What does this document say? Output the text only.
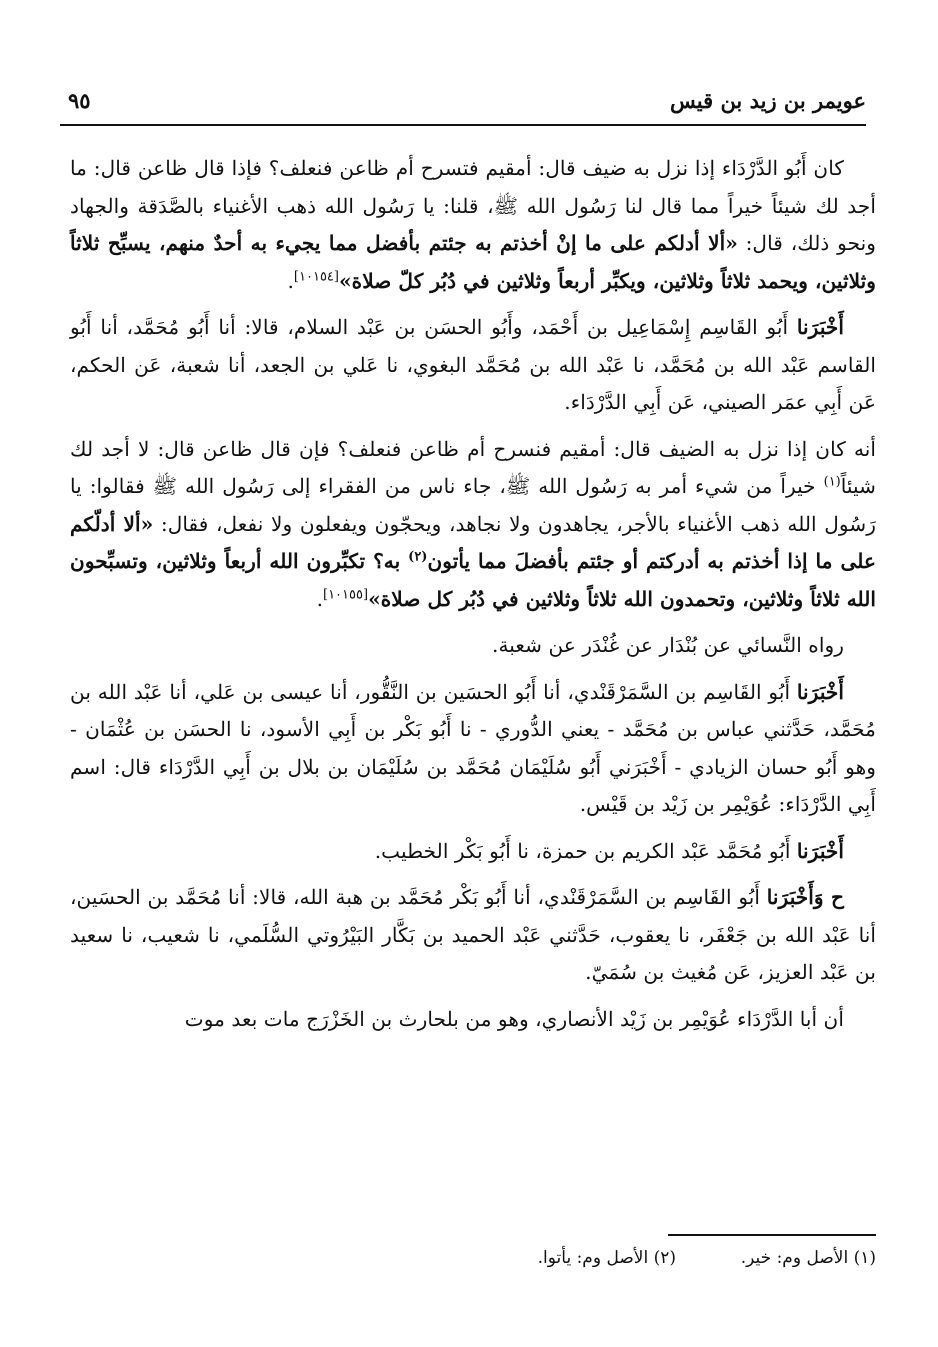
عويمر بن زيد بن قيس
٩٥

كان أَبُو الدَّرْدَاء إذا نزل به ضيف قال: أمقيم فتسرح أم ظاعن فنعلف؟ فإذا قال ظاعن قال: ما أجد لك شيئاً خيراً مما قال لنا رَسُول الله ﷺ، قلنا: يا رَسُول الله ذهب الأغنياء بالصَّدَقة والجهاد ونحو ذلك، قال: «ألا أدلكم على ما إنْ أخذتم به جئتم بأفضل مما يجيء به أحدٌ منهم، يسبِّح ثلاثاً وثلاثين، ويحمد ثلاثاً وثلاثين، ويكبِّر أربعاً وثلاثين في دُبُر كلّ صلاة»[١٠١٥٤].

أَخْبَرَنا أَبُو القَاسِم إِسْمَاعِيل بن أَحْمَد، وأَبُو الحسَن بن عَبْد السلام، قالا: أنا أَبُو مُحَمَّد، أنا أَبُو القاسم عَبْد الله بن مُحَمَّد، نا عَبْد الله بن مُحَمَّد البغوي، نا عَلي بن الجعد، أنا شعبة، عَن الحكم، عَن أَبِي عمَر الصيني، عَن أَبِي الدَّرْدَاء.

أنه كان إذا نزل به الضيف قال: أمقيم فنسرح أم ظاعن فنعلف؟ فإن قال ظاعن قال: لا أجد لك شيئاً$^{(١)}$ خيراً من شيء أمر به رَسُول الله ﷺ، جاء ناس من الفقراء إلى رَسُول الله ﷺ فقالوا: يا رَسُول الله ذهب الأغنياء بالأجر، يجاهدون ولا نجاهد، ويحجّون ويفعلون ولا نفعل، فقال: «ألا أدلّكم على ما إذا أخذتم به أدركتم أو جئتم بأفضلَ مما يأتون$^{(٢)}$ به؟ تكبِّرون الله أربعاً وثلاثين، وتسبِّحون الله ثلاثاً وثلاثين، وتحمدون الله ثلاثاً وثلاثين في دُبُر كل صلاة»[١٠١٥٥].

رواه النَّسائي عن بُنْدَار عن غُنْدَر عن شعبة.

أَخْبَرَنا أَبُو القَاسِم بن السَّمَرْقَنْدي، أنا أَبُو الحسَين بن النَّقُّور، أنا عيسى بن عَلي، أنا عَبْد الله بن مُحَمَّد، حَدَّثني عباس بن مُحَمَّد - يعني الدُّوري - نا أَبُو بَكْر بن أَبِي الأسود، نا الحسَن بن عُثْمَان - وهو أَبُو حسان الزيادي - أَخْبَرَني أَبُو سُلَيْمَان مُحَمَّد بن سُلَيْمَان بن بلال بن أَبِي الدَّرْدَاء قال: اسم أَبِي الدَّرْدَاء: عُوَيْمِر بن زَيْد بن قَيْس.

أَخْبَرَنا أَبُو مُحَمَّد عَبْد الكريم بن حمزة، نا أَبُو بَكْر الخطيب.

ح وَأَخْبَرَنا أَبُو القَاسِم بن السَّمَرْقَنْدي، أنا أَبُو بَكْر مُحَمَّد بن هبة الله، قالا: أنا مُحَمَّد بن الحسَين، أنا عَبْد الله بن جَعْفَر، نا يعقوب، حَدَّثني عَبْد الحميد بن بَكَّار البَيْرُوتي السُّلَمي، نا شعيب، نا سعيد بن عَبْد العزيز، عَن مُغيث بن سُمَيّ.

أن أبا الدَّرْدَاء عُوَيْمِر بن زَيْد الأنصاري، وهو من بلحارث بن الخَزْرَج مات بعد موت

(١) الأصل وم: خير.
(٢) الأصل وم: يأتوا.
